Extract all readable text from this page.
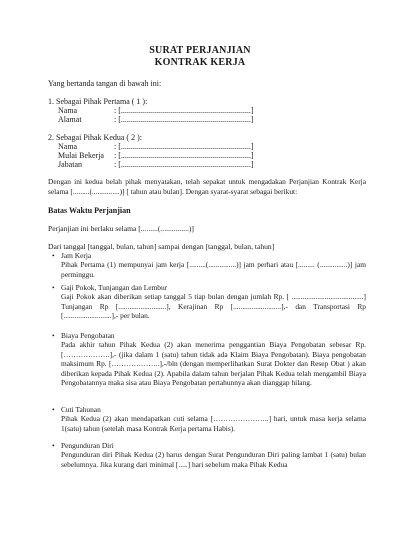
SURAT PERJANJIAN
KONTRAK KERJA
Yang bertanda tangan di bawah ini:
1. Sebagai Pihak Pertama ( 1 ):
Nama	: [.................................................................]
Alamat	: [.................................................................]
2. Sebagai Pihak Kedua ( 2 ):
Nama	: [.................................................................]
Mulai Bekerja : [.................................................................]
Jabatan	: [.................................................................]
Dengan ini kedua belah pihak menyatakan, telah sepakat untuk mengadakan Perjanjian Kontrak Kerja selama [.........(...............)] [ tahun atau bulan]. Dengan syarat-syarat sebagai berikut:
Batas Waktu Perjanjian
Perjanjian ini berlaku selama [.........(...............)]
Dari tanggal [tanggal, bulan, tahun] sampai dengan [tanggal, bulan, tahun]
• Jam Kerja
Pihak Pertama (1) mempunyai jam kerja [.........(...............)] jam perhari atau [......... (...............)] jam perminggu.
• Gaji Pokok, Tunjangan dan Lembur
Gaji Pokok akan diberikan setiap tanggal 5 tiap bulan dengan jumlah Rp. [ .......................................] Tunjangan Rp [..........................], Kerajinan Rp [..........................],- dan Transportasi Rp [..........................],- per bulan.
• Biaya Pengobatan
Pada akhir tahun Pihak Kedua (2) akan menerima penggantian Biaya Pengobatan sebesar Rp. [……………….],- (jika dalam 1 (satu) tahun tidak ada Klaim Biaya Pengobatan). Biaya pengobatan maksimum Rp. [………………..],-/bln (dengan memperlihatkan Surat Dokter dan Resep Obat ) akan diberikan kepada Pihak Kedua (2). Apabila dalam tahun berjalan Pihak Kedua telah mengambil Biaya Pengobatannya maka sisa atau Biaya Pengobatan pertahunnya akan dianggap hilang.
• Cuti Tahunan
Pihak Kedua (2) akan mendapatkan cuti selama […………………..] hari, untuk masa kerja selama 1(satu) tahun (setelah masa Kontrak Kerja pertama Habis).
• Pengunduran Diri
Pengunduran diri Pihak Kedua (2) harus dengan Surat Pengunduran Diri paling lambat 1 (satu) bulan sebelumnya. Jika kurang dari minimal [.....] hari sebelum maka Pihak Kedua
